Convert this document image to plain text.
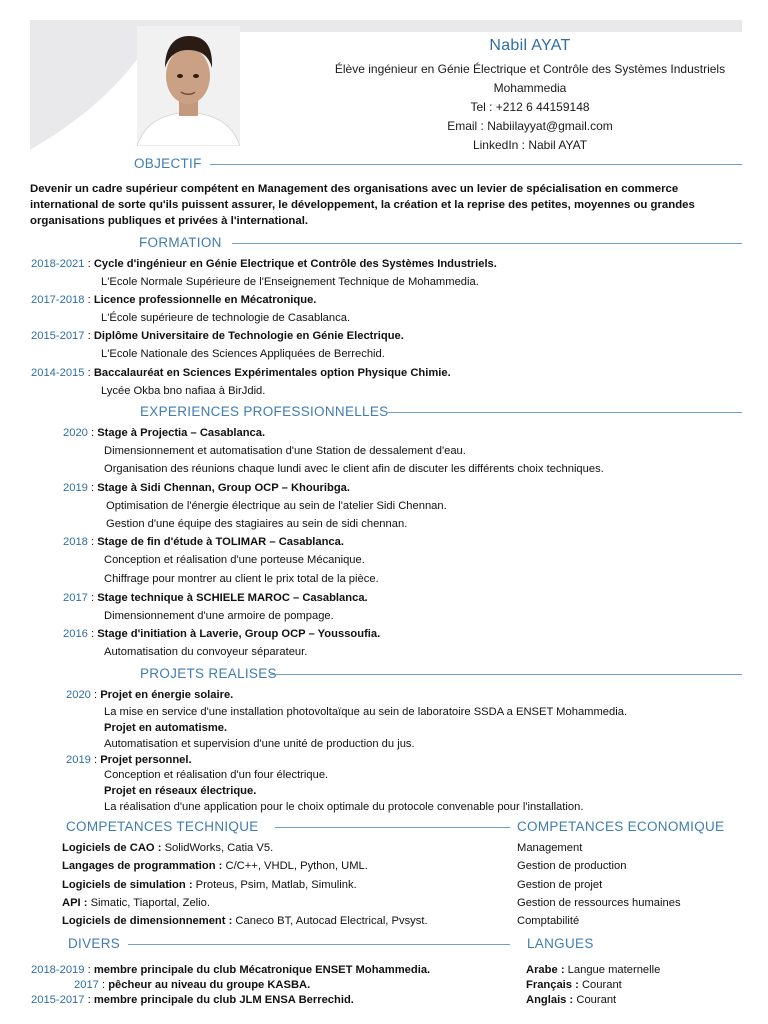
Nabil AYAT
Élève ingénieur en Génie Électrique et Contrôle des Systèmes Industriels
Mohammedia
Tel : +212 6 44159148
Email : Nabiilayyat@gmail.com
LinkedIn : Nabil AYAT
OBJECTIF
Devenir un cadre supérieur compétent en Management des organisations avec un levier de spécialisation en commerce international de sorte qu'ils puissent assurer, le développement, la création et la reprise des petites, moyennes ou grandes organisations publiques et privées à l'international.
FORMATION
2018-2021 : Cycle d'ingénieur en Génie Electrique et Contrôle des Systèmes Industriels.
L'Ecole Normale Supérieure de l'Enseignement Technique de Mohammedia.
2017-2018 : Licence professionnelle en Mécatronique.
L'École supérieure de technologie de Casablanca.
2015-2017 : Diplôme Universitaire de Technologie en Génie Electrique.
L'Ecole Nationale des Sciences Appliquées de Berrechid.
2014-2015 : Baccalauréat en Sciences Expérimentales option Physique Chimie.
Lycée Okba bno nafiaa à BirJdid.
EXPERIENCES PROFESSIONNELLES
2020 : Stage à Projectia – Casablanca.
Dimensionnement et automatisation d'une Station de dessalement d'eau.
Organisation des réunions chaque lundi avec le client afin de discuter les différents choix techniques.
2019 : Stage à Sidi Chennan, Group OCP – Khouribga.
Optimisation de l'énergie électrique au sein de l'atelier Sidi Chennan.
Gestion d'une équipe des stagiaires au sein de sidi chennan.
2018 : Stage de fin d'étude à TOLIMAR – Casablanca.
Conception et réalisation d'une porteuse Mécanique.
Chiffrage pour montrer au client le prix total de la pièce.
2017 : Stage technique à SCHIELE MAROC – Casablanca.
Dimensionnement d'une armoire de pompage.
2016 : Stage d'initiation à Laverie, Group OCP – Youssoufia.
Automatisation du convoyeur séparateur.
PROJETS REALISES
2020 : Projet en énergie solaire.
La mise en service d'une installation photovoltaïque au sein de laboratoire SSDA a ENSET Mohammedia.
Projet en automatisme.
Automatisation et supervision d'une unité de production du jus.
2019 : Projet personnel.
Conception et réalisation d'un four électrique.
Projet en réseaux électrique.
La réalisation d'une application pour le choix optimale du protocole convenable pour l'installation.
COMPETANCES TECHNIQUE
Logiciels de CAO : SolidWorks, Catia V5.
Langages de programmation : C/C++, VHDL, Python, UML.
Logiciels de simulation : Proteus, Psim, Matlab, Simulink.
API : Simatic, Tiaportal, Zelio.
Logiciels de dimensionnement : Caneco BT, Autocad Electrical, Pvsyst.
COMPETANCES ECONOMIQUE
Management
Gestion de production
Gestion de projet
Gestion de ressources humaines
Comptabilité
DIVERS
2018-2019 : membre principale du club Mécatronique ENSET Mohammedia.
2017 : pêcheur au niveau du groupe KASBA.
2015-2017 : membre principale du club JLM ENSA Berrechid.
LANGUES
Arabe : Langue maternelle
Français : Courant
Anglais : Courant
